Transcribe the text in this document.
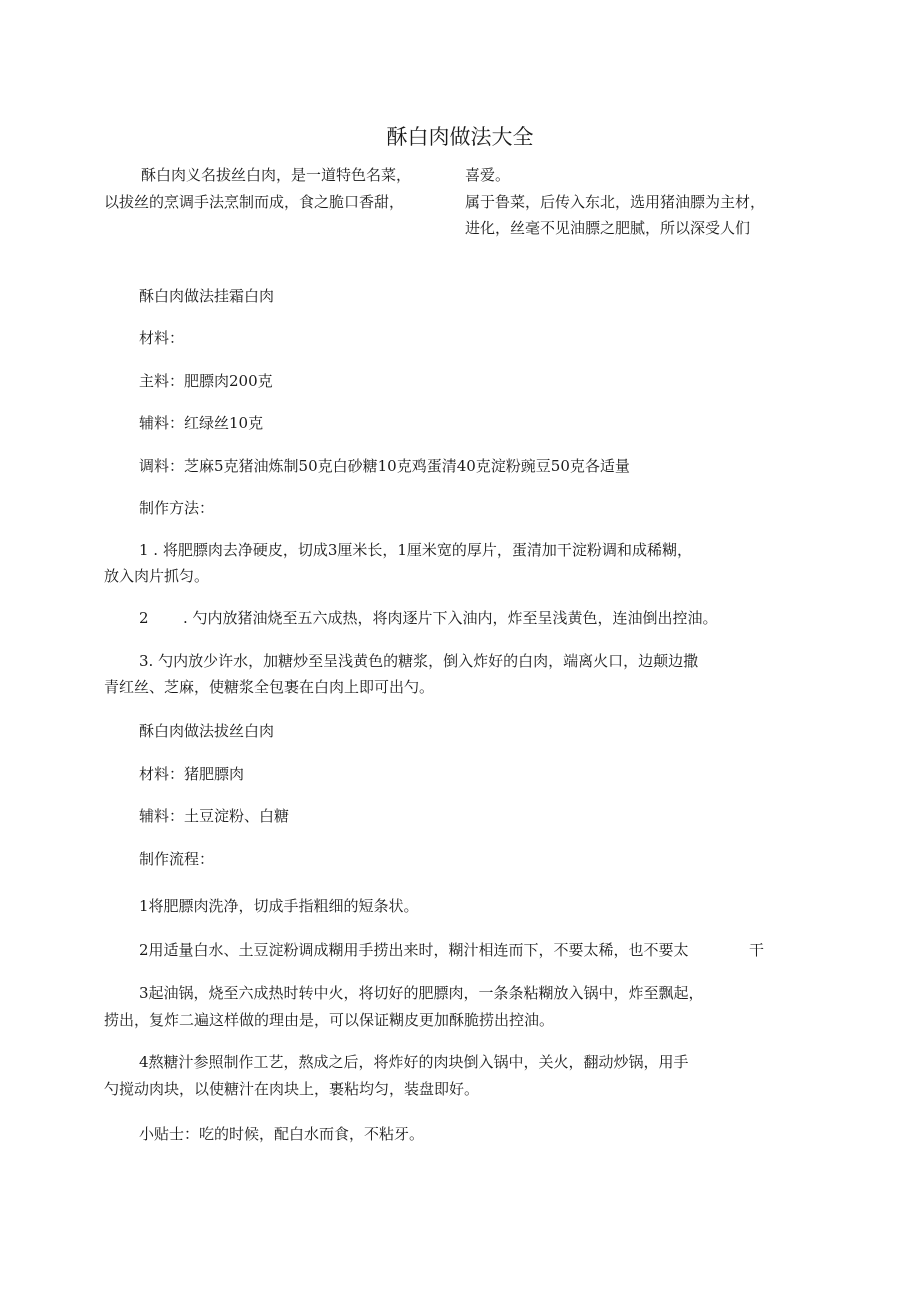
酥白肉做法大全
酥白肉义名拔丝白肉，是一道特色名菜，
以拔丝的烹调手法烹制而成，食之脆口香甜，
喜爱。
属于鲁菜，后传入东北，选用猪油膘为主材，
进化，丝毫不见油膘之肥腻，所以深受人们
酥白肉做法挂霜白肉
材料：
主料：肥膘肉200克
辅料：红绿丝10克
调料：芝麻5克猪油炼制50克白砂糖10克鸡蛋清40克淀粉豌豆50克各适量
制作方法：
1 . 将肥膘肉去净硬皮，切成3厘米长，1厘米宽的厚片，蛋清加干淀粉调和成稀糊，
放入肉片抓匀。
2 . 勺内放猪油烧至五六成热，将肉逐片下入油内，炸至呈浅黄色，连油倒出控油。
3. 勺内放少许水，加糖炒至呈浅黄色的糖浆，倒入炸好的白肉，端离火口，边颠边撒
青红丝、芝麻，使糖浆全包裹在白肉上即可出勺。
酥白肉做法拔丝白肉
材料：猪肥膘肉
辅料：土豆淀粉、白糖
制作流程：
1将肥膘肉洗净，切成手指粗细的短条状。
2用适量白水、土豆淀粉调成糊用手捞出来时，糊汁相连而下，不要太稀，也不要太	干
3起油锅，烧至六成热时转中火，将切好的肥膘肉，一条条粘糊放入锅中，炸至飘起，
捞出，复炸二遍这样做的理由是，可以保证糊皮更加酥脆捞出控油。
4熬糖汁参照制作工艺，熬成之后，将炸好的肉块倒入锅中，关火，翻动炒锅，用手
勺搅动肉块，以使糖汁在肉块上，裹粘均匀，装盘即好。
小贴士：吃的时候，配白水而食，不粘牙。
